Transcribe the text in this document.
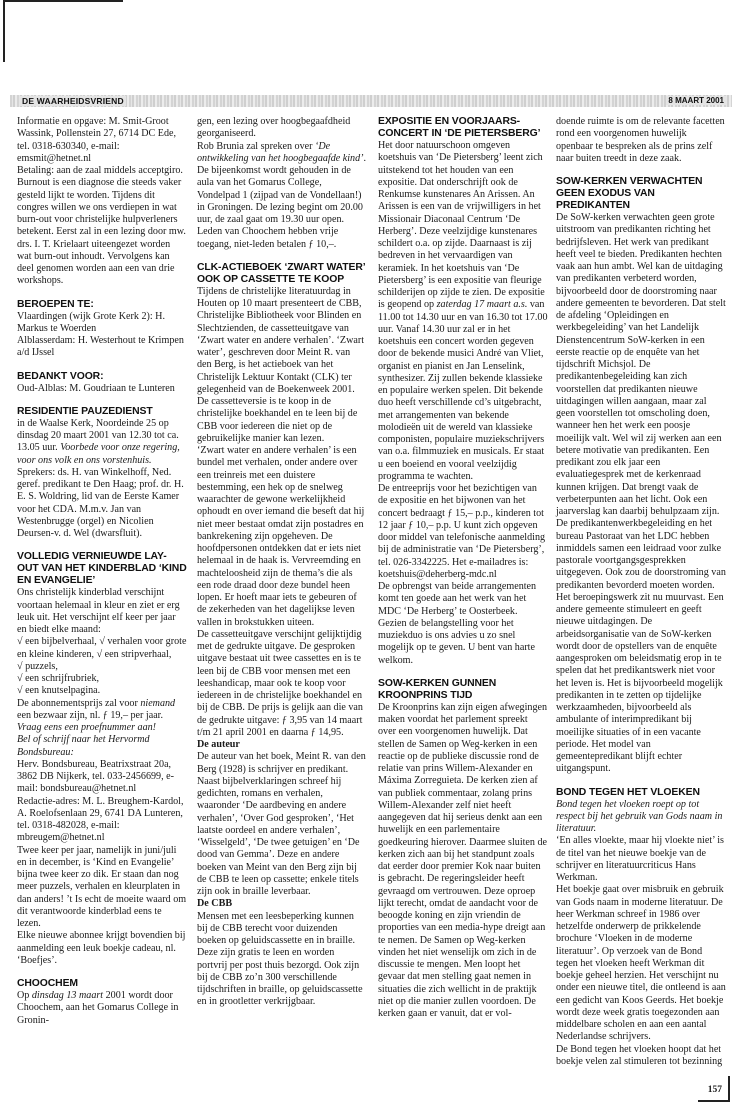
DE WAARHEIDSVRIEND	8 MAART 2001

Informatie en opgave: M. Smit-Groot Wassink, Pollenstein 27, 6714 DC Ede, tel. 0318-630340, e-mail: emsmit@hetnet.nl

Betaling: aan de zaal middels acceptgiro.

Burnout is een diagnose die steeds vaker gesteld lijkt te worden. Tijdens dit congres willen we ons verdiepen in wat burn-out voor christelijke hulpverleners betekent. Eerst zal in een lezing door mw. drs. I. T. Krielaart uiteengezet worden wat burn-out inhoudt. Vervolgens kan deel genomen worden aan een van drie workshops.

BEROEPEN TE:

Vlaardingen (wijk Grote Kerk 2): H. Markus te Woerden

Alblasserdam: H. Westerhout te Krimpen a/d IJssel

BEDANKT VOOR:

Oud-Alblas: M. Goudriaan te Lunteren

RESIDENTIE PAUZEDIENST

in de Waalse Kerk, Noordeinde 25 op dinsdag 20 maart 2001 van 12.30 tot ca. 13.05 uur. Voorbede voor onze regering, voor ons volk en ons vorstenhuis. Sprekers: ds. H. van Winkelhoff, Ned. geref. predikant te Den Haag; prof. dr. H. E. S. Woldring, lid van de Eerste Kamer voor het CDA. M.m.v. Jan van Westenbrugge (orgel) en Nicolien Deursen-v. d. Wel (dwarsfluit).

VOLLEDIG VERNIEUWDE LAY-OUT VAN HET KINDERBLAD ‘KIND EN EVANGELIE’

Ons christelijk kinderblad verschijnt voortaan helemaal in kleur en ziet er erg leuk uit. Het verschijnt elf keer per jaar en biedt elke maand:

√ een bijbelverhaal, √ verhalen voor grote en kleine kinderen, √ een stripverhaal,

√ puzzels,

√ een schrijfrubriek,

√ een knutselpagina.

De abonnementsprijs zal voor niemand een bezwaar zijn, nl. ƒ 19,– per jaar. Vraag eens een proefnummer aan!

Bel of schrijf naar het Hervormd Bondsbureau:

Herv. Bondsbureau, Beatrixstraat 20a, 3862 DB Nijkerk, tel. 033-2456699, e-mail: bondsbureau@hetnet.nl

Redactie-adres: M. L. Breughem-Kardol, A. Roelofsenlaan 29, 6741 DA Lunteren, tel. 0318-482028, e-mail: mbreugem@hetnet.nl

Twee keer per jaar, namelijk in juni/juli en in december, is ‘Kind en Evangelie’ bijna twee keer zo dik. Er staan dan nog meer puzzels, verhalen en kleurplaten in dan anders! ’t Is echt de moeite waard om dit verantwoorde kinderblad eens te lezen.

Elke nieuwe abonnee krijgt bovendien bij aanmelding een leuk boekje cadeau, nl. ‘Boefjes’.

CHOOCHEM

Op dinsdag 13 maart 2001 wordt door Choochem, aan het Gomarus College in Gronin-

gen, een lezing over hoogbegaafdheid georganiseerd.

Rob Brunia zal spreken over ‘De ontwikkeling van het hoogbegaafde kind’. De bijeenkomst wordt gehouden in de aula van het Gomarus College, Vondelpad 1 (zijpad van de Vondellaan!) in Groningen. De lezing begint om 20.00 uur, de zaal gaat om 19.30 uur open. Leden van Choochem hebben vrije toegang, niet-leden betalen ƒ 10,–.

CLK-ACTIEBOEK ‘ZWART WATER’ OOK OP CASSETTE TE KOOP

Tijdens de christelijke literatuurdag in Houten op 10 maart presenteert de CBB, Christelijke Bibliotheek voor Blinden en Slechtzienden, de cassetteuitgave van ‘Zwart water en andere verhalen’. ‘Zwart water’, geschreven door Meint R. van den Berg, is het actieboek van het Christelijk Lektuur Kontakt (CLK) ter gelegenheid van de Boekenweek 2001. De cassetteversie is te koop in de christelijke boekhandel en te leen bij de CBB voor iedereen die niet op de gebruikelijke manier kan lezen.

‘Zwart water en andere verhalen’ is een bundel met verhalen, onder andere over een treinreis met een duistere bestemming, een hek op de snelweg waarachter de gewone werkelijkheid ophoudt en over iemand die beseft dat hij niet meer bestaat omdat zijn postadres en bankrekening zijn opgeheven. De hoofdpersonen ontdekken dat er iets niet helemaal in de haak is. Vervreemding en machteloosheid zijn de thema’s die als een rode draad door deze bundel heen lopen. Er hoeft maar iets te gebeuren of de zekerheden van het dagelijkse leven vallen in brokstukken uiteen.

De cassetteuitgave verschijnt gelijktijdig met de gedrukte uitgave. De gesproken uitgave bestaat uit twee cassettes en is te leen bij de CBB voor mensen met een leeshandicap, maar ook te koop voor iedereen in de christelijke boekhandel en bij de CBB. De prijs is gelijk aan die van de gedrukte uitgave: ƒ 3,95 van 14 maart t/m 21 april 2001 en daarna ƒ 14,95.

De auteur

De auteur van het boek, Meint R. van den Berg (1928) is schrijver en predikant. Naast bijbelverklaringen schreef hij gedichten, romans en verhalen, waaronder ‘De aardbeving en andere verhalen’, ‘Over God gesproken’, ‘Het laatste oordeel en andere verhalen’, ‘Wisselgeld’, ‘De twee getuigen’ en ‘De dood van Gemma’. Deze en andere boeken van Meint van den Berg zijn bij de CBB te leen op cassette; enkele titels zijn ook in braille leverbaar.

De CBB

Mensen met een leesbeperking kunnen bij de CBB terecht voor duizenden boeken op geluidscassette en in braille. Deze zijn gratis te leen en worden portvrij per post thuis bezorgd. Ook zijn bij de CBB zo’n 300 verschillende tijdschriften in braille, op geluidscassette en in grootletter verkrijgbaar.

EXPOSITIE EN VOORJAARS-CONCERT IN ‘DE PIETERSBERG’

Het door natuurschoon omgeven koetshuis van ‘De Pietersberg’ leent zich uitstekend tot het houden van een expositie. Dat onderschrijft ook de Renkumse kunstenares An Arissen. An Arissen is een van de vrijwilligers in het Missionair Diaconaal Centrum ‘De Herberg’. Deze veelzijdige kunstenares schildert o.a. op zijde. Daarnaast is zij bedreven in het vervaardigen van keramiek. In het koetshuis van ‘De Pietersberg’ is een expositie van fleurige schilderijen op zijde te zien. De expositie is geopend op zaterdag 17 maart a.s. van 11.00 tot 14.30 uur en van 16.30 tot 17.00 uur. Vanaf 14.30 uur zal er in het koetshuis een concert worden gegeven door de bekende musici André van Vliet, organist en pianist en Jan Lenselink, synthesizer. Zij zullen bekende klassieke en populaire werken spelen. Dit bekende duo heeft verschillende cd’s uitgebracht, met arrangementen van bekende molodieën uit de wereld van klassieke componisten, populaire muziekschrijvers van o.a. filmmuziek en musicals. Er staat u een boeiend en vooral veelzijdig programma te wachten.

De entreeprijs voor het bezichtigen van de expositie en het bijwonen van het concert bedraagt ƒ 15,– p.p., kinderen tot 12 jaar ƒ 10,– p.p. U kunt zich opgeven door middel van telefonische aanmelding bij de administratie van ‘De Pietersberg’, tel. 026-3342225. Het e-mailadres is:

koetshuis@deherberg-mdc.nl

De opbrengst van beide arrangementen komt ten goede aan het werk van het MDC ‘De Herberg’ te Oosterbeek. Gezien de belangstelling voor het muziekduo is ons advies u zo snel mogelijk op te geven. U bent van harte welkom.

SOW-KERKEN GUNNEN KROONPRINS TIJD

De Kroonprins kan zijn eigen afwegingen maken voordat het parlement spreekt over een voorgenomen huwelijk. Dat stellen de Samen op Weg-kerken in een reactie op de publieke discussie rond de relatie van prins Willem-Alexander en Máxima Zorreguieta. De kerken zien af van publiek commentaar, zolang prins Willem-Alexander zelf niet heeft aangegeven dat hij serieus denkt aan een huwelijk en een parlementaire goedkeuring hierover. Daarmee sluiten de kerken zich aan bij het standpunt zoals dat eerder door premier Kok naar buiten is gebracht. De regeringsleider heeft gevraagd om vertrouwen. Deze oproep lijkt terecht, omdat de aandacht voor de beoogde koning en zijn vriendin de proporties van een media-hype dreigt aan te nemen. De Samen op Weg-kerken vinden het niet wenselijk om zich in de discussie te mengen. Men loopt het gevaar dat men stelling gaat nemen in situaties die zich wellicht in de praktijk niet op die manier zullen voordoen. De kerken gaan er vanuit, dat er vol-

doende ruimte is om de relevante facetten rond een voorgenomen huwelijk openbaar te bespreken als de prins zelf naar buiten treedt in deze zaak.

SOW-KERKEN VERWACHTEN GEEN EXODUS VAN PREDIKANTEN

De SoW-kerken verwachten geen grote uitstroom van predikanten richting het bedrijfsleven. Het werk van predikant heeft veel te bieden. Predikanten hechten vaak aan hun ambt. Wel kan de uitdaging van predikanten verbeterd worden, bijvoorbeeld door de doorstroming naar andere gemeenten te bevorderen. Dat stelt de afdeling ‘Opleidingen en werkbegeleiding’ van het Landelijk Dienstencentrum SoW-kerken in een eerste reactie op de enquête van het tijdschrift Michsjol. De predikantenbegeleiding kan zich voorstellen dat predikanten nieuwe uitdagingen willen aangaan, maar zal geen voorstellen tot omscholing doen, wanneer hen het werk een poosje moeilijk valt. Wel wil zij werken aan een betere motivatie van predikanten. Een predikant zou elk jaar een evaluatiegesprek met de kerkenraad kunnen krijgen. Dat brengt vaak de verbeterpunten aan het licht. Ook een jaarverslag kan daarbij behulpzaam zijn. De predikantenwerkbegeleiding en het bureau Pastoraat van het LDC hebben inmiddels samen een leidraad voor zulke pastorale voortgangsgesprekken uitgegeven. Ook zou de doorstroming van predikanten bevorderd moeten worden. Het beroepingswerk zit nu muurvast. Een andere gemeente stimuleert en geeft nieuwe uitdagingen. De arbeidsorganisatie van de SoW-kerken wordt door de opstellers van de enquête aangesproken om beleidsmatig erop in te spelen dat het predikantswerk niet voor het leven is. Het is bijvoorbeeld mogelijk predikanten in te zetten op tijdelijke werkzaamheden, bijvoorbeeld als ambulante of interimpredikant bij moeilijke situaties of in een vacante periode. Het model van gemeentepredikant blijft echter uitgangspunt.

BOND TEGEN HET VLOEKEN

Bond tegen het vloeken roept op tot respect bij het gebruik van Gods naam in literatuur.

‘En alles vloekte, maar hij vloekte niet’ is de titel van het nieuwe boekje van de schrijver en literatuurcriticus Hans Werkman.

Het boekje gaat over misbruik en gebruik van Gods naam in moderne literatuur. De heer Werkman schreef in 1986 over hetzelfde onderwerp de prikkelende brochure ‘Vloeken in de moderne literatuur’. Op verzoek van de Bond tegen het vloeken heeft Werkman dit boekje geheel herzien. Het verschijnt nu onder een nieuwe titel, die ontleend is aan een gedicht van Koos Geerds. Het boekje wordt deze week gratis toegezonden aan middelbare scholen en aan een aantal Nederlandse schrijvers.

De Bond tegen het vloeken hoopt dat het boekje velen zal stimuleren tot bezinning

157
